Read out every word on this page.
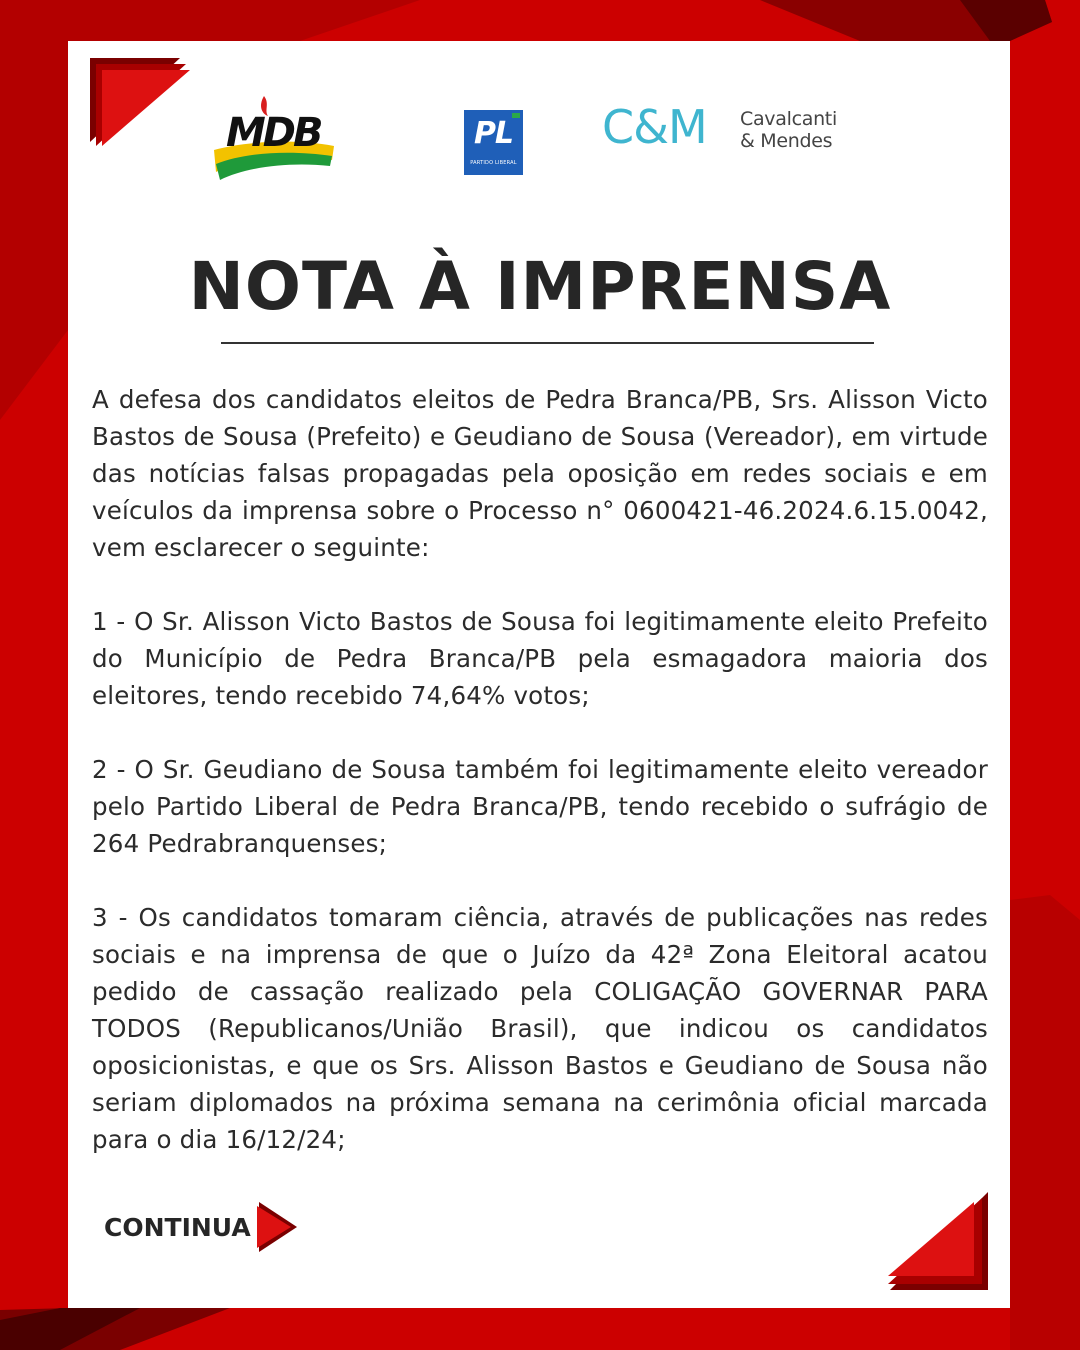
MDB	PL
PARTIDO LIBERAL
C&M Cavalcanti
& Mendes
NOTA À IMPRENSA

A defesa dos candidatos eleitos de Pedra Branca/PB, Srs. Alisson Victo Bastos de Sousa (Prefeito) e Geudiano de Sousa (Vereador), em virtude das notícias falsas propagadas pela oposição em redes sociais e em veículos da imprensa sobre o Processo n° 0600421-46.2024.6.15.0042, vem esclarecer o seguinte:

1 - O Sr. Alisson Victo Bastos de Sousa foi legitimamente eleito Prefeito do Município de Pedra Branca/PB pela esmagadora maioria dos eleitores, tendo recebido 74,64% votos;

2 - O Sr. Geudiano de Sousa também foi legitimamente eleito vereador pelo Partido Liberal de Pedra Branca/PB, tendo recebido o sufrágio de 264 Pedrabranquenses;

3 - Os candidatos tomaram ciência, através de publicações nas redes sociais e na imprensa de que o Juízo da 42ª Zona Eleitoral acatou pedido de cassação realizado pela COLIGAÇÃO GOVERNAR PARA TODOS (Republicanos/União Brasil), que indicou os candidatos oposicionistas, e que os Srs. Alisson Bastos e Geudiano de Sousa não seriam diplomados na próxima semana na cerimônia oficial marcada para o dia 16/12/24;

CONTINUA
